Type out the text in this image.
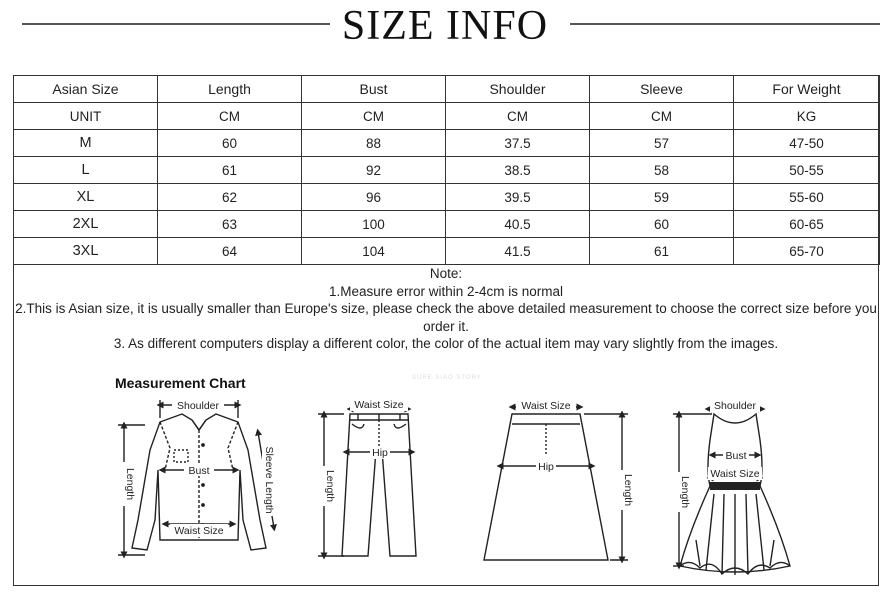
SIZE INFO
Asian Size	Length	Bust	Shoulder	Sleeve	For Weight
UNIT	CM	CM	CM	CM	KG
M	60	88	37.5	57	47-50
L	61	92	38.5	58	50-55
XL	62	96	39.5	59	55-60
2XL	63	100	40.5	60	60-65
3XL	64	104	41.5	61	65-70
Note:
1.Measure error within 2-4cm is normal
2.This is Asian size, it is usually smaller than Europe's size, please check the above detailed measurement to choose the correct size before you order it.
3. As different computers display a different color, the color of the actual item may vary slightly from the images.
Measurement Chart	SURE XIAO STORY
Shoulder
Bust
Waist Size
Length	Sleeve Length
Waist Size
Hip
Length
Waist Size
Hip
Length
Shoulder
Bust
Waist Size
Length
